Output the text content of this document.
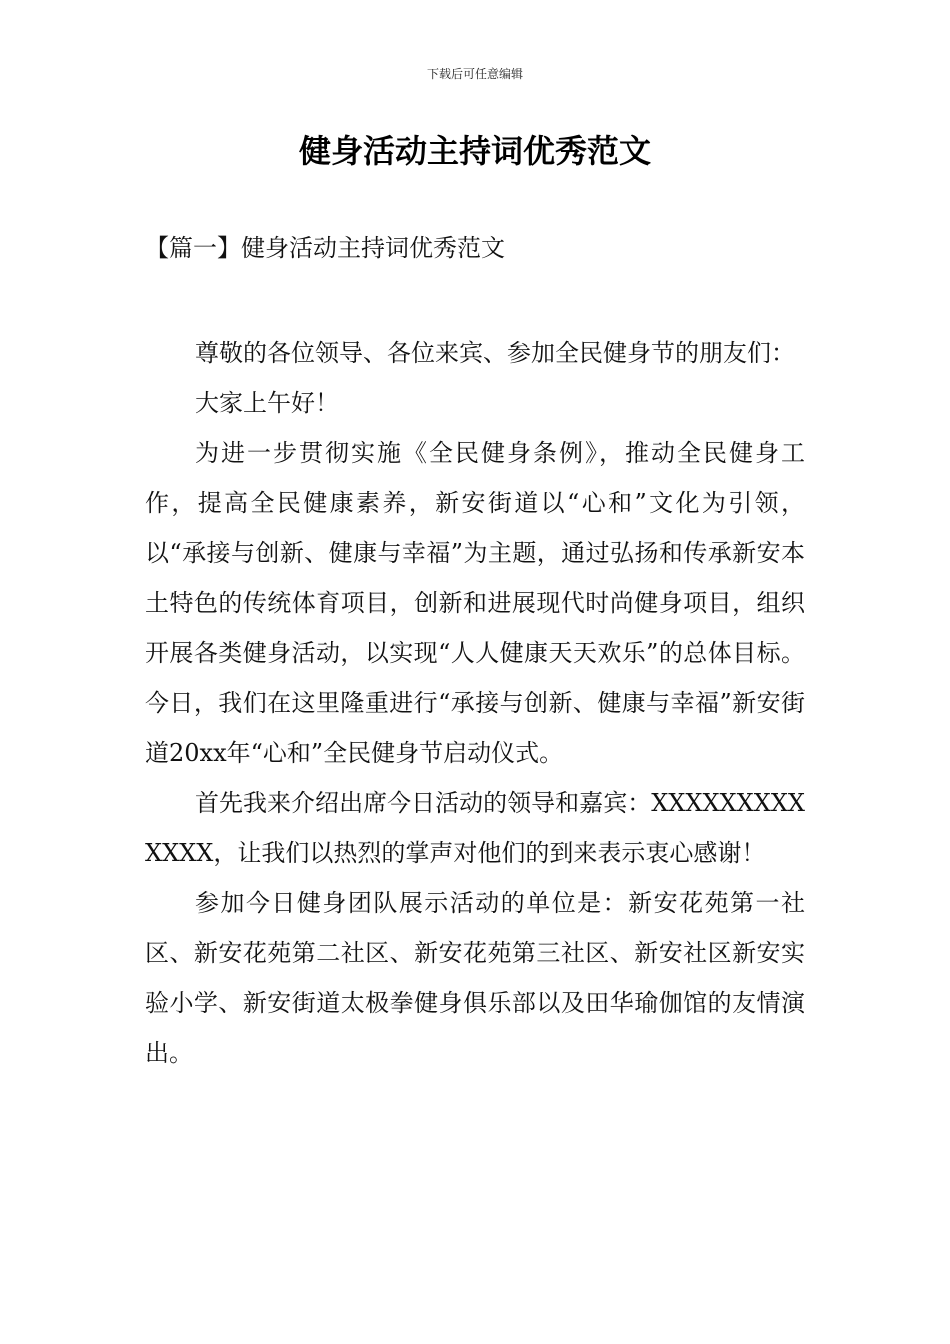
下载后可任意编辑
健身活动主持词优秀范文
【篇一】健身活动主持词优秀范文

尊敬的各位领导、各位来宾、参加全民健身节的朋友们：

大家上午好！

为进一步贯彻实施《全民健身条例》，推动全民健身工作，提高全民健康素养，新安街道以“心和”文化为引领，以“承接与创新、健康与幸福”为主题，通过弘扬和传承新安本土特色的传统体育项目，创新和进展现代时尚健身项目，组织开展各类健身活动，以实现“人人健康天天欢乐”的总体目标。今日，我们在这里隆重进行“承接与创新、健康与幸福”新安街道20xx年“心和”全民健身节启动仪式。

首先我来介绍出席今日活动的领导和嘉宾：XXXXXXXXXXXXX，让我们以热烈的掌声对他们的到来表示衷心感谢！

参加今日健身团队展示活动的单位是：新安花苑第一社区、新安花苑第二社区、新安花苑第三社区、新安社区新安实验小学、新安街道太极拳健身俱乐部以及田华瑜伽馆的友情演出。
